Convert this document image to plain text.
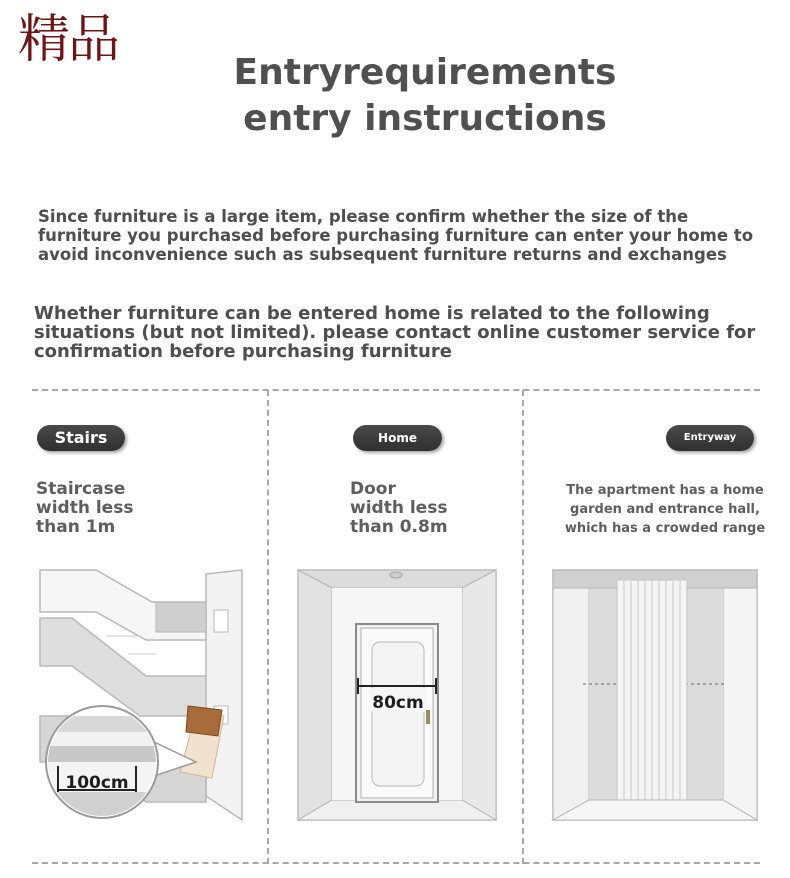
精品
Entryrequirements
entry instructions

Since furniture is a large item, please confirm whether the size of the furniture you purchased before purchasing furniture can enter your home to avoid inconvenience such as subsequent furniture returns and exchanges

Whether furniture can be entered home is related to the following situations (but not limited). please contact online customer service for confirmation before purchasing furniture

Stairs
Staircase
width less
than 1m
100cm
Home
Door
width less
than 0.8m
80cm
Entryway
The apartment has a home
garden and entrance hall,
which has a crowded range
